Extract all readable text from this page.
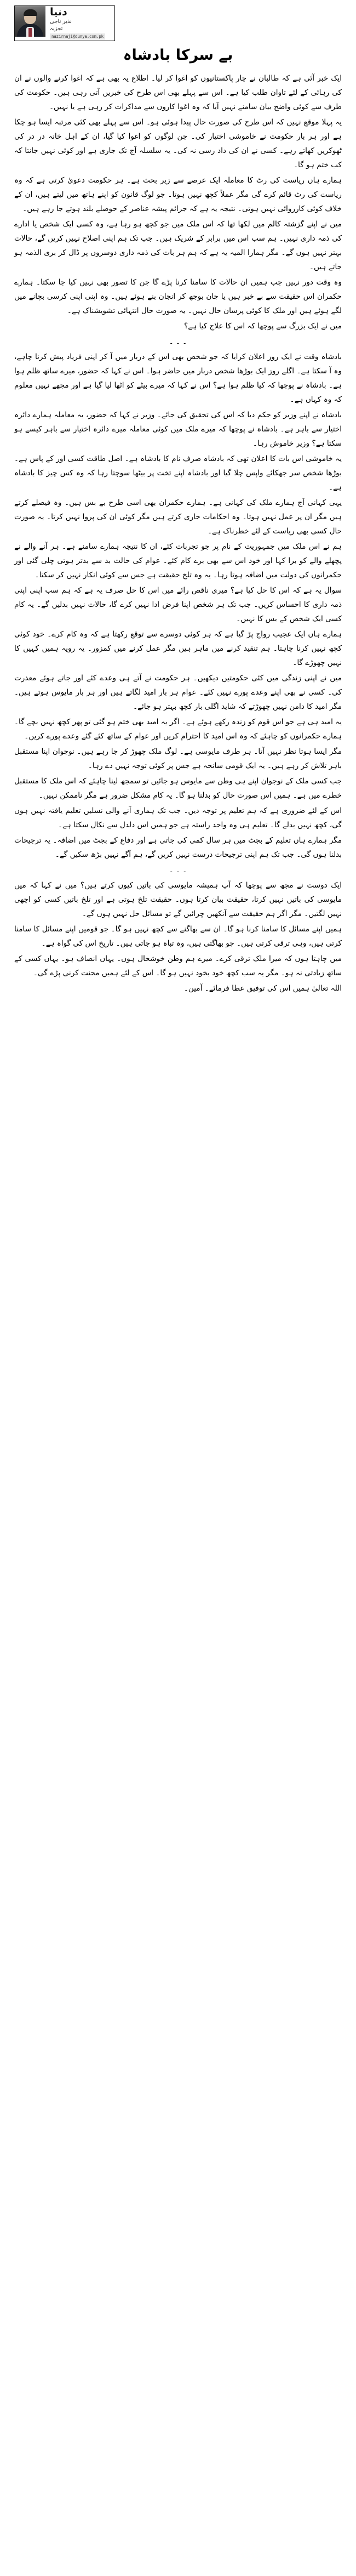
دنیا
نذیر ناجی
تجزیہ
nazirnaji@dunya.com.pk
بے سرکا بادشاہ

ایک خبر آئی ہے کہ طالبان نے چار پاکستانیوں کو اغوا کر لیا۔ اطلاع یہ بھی ہے کہ اغوا کرنے والوں نے ان کی رہائی کے لئے تاوان طلب کیا ہے۔ اس سے پہلے بھی اس طرح کی خبریں آتی رہی ہیں۔ حکومت کی طرف سے کوئی واضح بیان سامنے نہیں آیا کہ وہ اغوا کاروں سے مذاکرات کر رہی ہے یا نہیں۔

یہ پہلا موقع نہیں کہ اس طرح کی صورت حال پیدا ہوئی ہو۔ اس سے پہلے بھی کئی مرتبہ ایسا ہو چکا ہے اور ہر بار حکومت نے خاموشی اختیار کی۔ جن لوگوں کو اغوا کیا گیا، ان کے اہل خانہ در در کی ٹھوکریں کھاتے رہے۔ کسی نے ان کی داد رسی نہ کی۔ یہ سلسلہ آج تک جاری ہے اور کوئی نہیں جانتا کہ کب ختم ہو گا۔

ہمارے ہاں ریاست کی رٹ کا معاملہ ایک عرصے سے زیر بحث ہے۔ ہر حکومت دعویٰ کرتی ہے کہ وہ ریاست کی رٹ قائم کرے گی مگر عملاً کچھ نہیں ہوتا۔ جو لوگ قانون کو اپنے ہاتھ میں لیتے ہیں، ان کے خلاف کوئی کارروائی نہیں ہوتی۔ نتیجہ یہ ہے کہ جرائم پیشہ عناصر کے حوصلے بلند ہوتے جا رہے ہیں۔

میں نے اپنے گزشتہ کالم میں لکھا تھا کہ اس ملک میں جو کچھ ہو رہا ہے، وہ کسی ایک شخص یا ادارے کی ذمہ داری نہیں۔ ہم سب اس میں برابر کے شریک ہیں۔ جب تک ہم اپنی اصلاح نہیں کریں گے، حالات بہتر نہیں ہوں گے۔ مگر ہمارا المیہ یہ ہے کہ ہم ہر بات کی ذمہ داری دوسروں پر ڈال کر بری الذمہ ہو جاتے ہیں۔

وہ وقت دور نہیں جب ہمیں ان حالات کا سامنا کرنا پڑے گا جن کا تصور بھی نہیں کیا جا سکتا۔ ہمارے حکمران اس حقیقت سے بے خبر ہیں یا جان بوجھ کر انجان بنے ہوئے ہیں۔ وہ اپنی اپنی کرسی بچانے میں لگے ہوئے ہیں اور ملک کا کوئی پرسان حال نہیں۔ یہ صورت حال انتہائی تشویشناک ہے۔

میں نے ایک بزرگ سے پوچھا کہ اس کا علاج کیا ہے؟

۔ ۔ ۔

بادشاہ وقت نے ایک روز اعلان کرایا کہ جو شخص بھی اس کے دربار میں آ کر اپنی فریاد پیش کرنا چاہے، وہ آ سکتا ہے۔ اگلے روز ایک بوڑھا شخص دربار میں حاضر ہوا۔ اس نے کہا کہ حضور، میرے ساتھ ظلم ہوا ہے۔ بادشاہ نے پوچھا کہ کیا ظلم ہوا ہے؟ اس نے کہا کہ میرے بیٹے کو اٹھا لیا گیا ہے اور مجھے نہیں معلوم کہ وہ کہاں ہے۔

بادشاہ نے اپنے وزیر کو حکم دیا کہ اس کی تحقیق کی جائے۔ وزیر نے کہا کہ حضور، یہ معاملہ ہمارے دائرہ اختیار سے باہر ہے۔ بادشاہ نے پوچھا کہ میرے ملک میں کوئی معاملہ میرے دائرہ اختیار سے باہر کیسے ہو سکتا ہے؟ وزیر خاموش رہا۔

یہ خاموشی اس بات کا اعلان تھی کہ بادشاہ صرف نام کا بادشاہ ہے۔ اصل طاقت کسی اور کے پاس ہے۔ بوڑھا شخص سر جھکائے واپس چلا گیا اور بادشاہ اپنے تخت پر بیٹھا سوچتا رہا کہ وہ کس چیز کا بادشاہ ہے۔

یہی کہانی آج ہمارے ملک کی کہانی ہے۔ ہمارے حکمران بھی اسی طرح بے بس ہیں۔ وہ فیصلے کرتے ہیں مگر ان پر عمل نہیں ہوتا۔ وہ احکامات جاری کرتے ہیں مگر کوئی ان کی پروا نہیں کرتا۔ یہ صورت حال کسی بھی ریاست کے لئے خطرناک ہے۔

ہم نے اس ملک میں جمہوریت کے نام پر جو تجربات کئے، ان کا نتیجہ ہمارے سامنے ہے۔ ہر آنے والے نے پچھلے والے کو برا کہا اور خود اس سے بھی برے کام کئے۔ عوام کی حالت بد سے بدتر ہوتی چلی گئی اور حکمرانوں کی دولت میں اضافہ ہوتا رہا۔ یہ وہ تلخ حقیقت ہے جس سے کوئی انکار نہیں کر سکتا۔

سوال یہ ہے کہ اس کا حل کیا ہے؟ میری ناقص رائے میں اس کا حل صرف یہ ہے کہ ہم سب اپنی اپنی ذمہ داری کا احساس کریں۔ جب تک ہر شخص اپنا فرض ادا نہیں کرے گا، حالات نہیں بدلیں گے۔ یہ کام کسی ایک شخص کے بس کا نہیں۔

ہمارے ہاں ایک عجیب رواج پڑ گیا ہے کہ ہر کوئی دوسرے سے توقع رکھتا ہے کہ وہ کام کرے۔ خود کوئی کچھ نہیں کرنا چاہتا۔ ہم تنقید کرنے میں ماہر ہیں مگر عمل کرنے میں کمزور۔ یہ رویہ ہمیں کہیں کا نہیں چھوڑے گا۔

میں نے اپنی زندگی میں کئی حکومتیں دیکھیں۔ ہر حکومت نے آتے ہی وعدے کئے اور جاتے ہوئے معذرت کی۔ کسی نے بھی اپنے وعدے پورے نہیں کئے۔ عوام ہر بار امید لگاتے ہیں اور ہر بار مایوس ہوتے ہیں۔ مگر امید کا دامن نہیں چھوڑتے کہ شاید اگلی بار کچھ بہتر ہو جائے۔

یہ امید ہی ہے جو اس قوم کو زندہ رکھے ہوئے ہے۔ اگر یہ امید بھی ختم ہو گئی تو پھر کچھ نہیں بچے گا۔ ہمارے حکمرانوں کو چاہئے کہ وہ اس امید کا احترام کریں اور عوام کے ساتھ کئے گئے وعدے پورے کریں۔

مگر ایسا ہوتا نظر نہیں آتا۔ ہر طرف مایوسی ہے۔ لوگ ملک چھوڑ کر جا رہے ہیں۔ نوجوان اپنا مستقبل باہر تلاش کر رہے ہیں۔ یہ ایک قومی سانحہ ہے جس پر کوئی توجہ نہیں دے رہا۔

جب کسی ملک کے نوجوان اپنے ہی وطن سے مایوس ہو جائیں تو سمجھ لینا چاہئے کہ اس ملک کا مستقبل خطرے میں ہے۔ ہمیں اس صورت حال کو بدلنا ہو گا۔ یہ کام مشکل ضرور ہے مگر ناممکن نہیں۔

اس کے لئے ضروری ہے کہ ہم تعلیم پر توجہ دیں۔ جب تک ہماری آنے والی نسلیں تعلیم یافتہ نہیں ہوں گی، کچھ نہیں بدلے گا۔ تعلیم ہی وہ واحد راستہ ہے جو ہمیں اس دلدل سے نکال سکتا ہے۔

مگر ہمارے ہاں تعلیم کے بجٹ میں ہر سال کمی کی جاتی ہے اور دفاع کے بجٹ میں اضافہ۔ یہ ترجیحات بدلنا ہوں گی۔ جب تک ہم اپنی ترجیحات درست نہیں کریں گے، ہم آگے نہیں بڑھ سکیں گے۔

۔ ۔ ۔

ایک دوست نے مجھ سے پوچھا کہ آپ ہمیشہ مایوسی کی باتیں کیوں کرتے ہیں؟ میں نے کہا کہ میں مایوسی کی باتیں نہیں کرتا، حقیقت بیان کرتا ہوں۔ حقیقت تلخ ہوتی ہے اور تلخ باتیں کسی کو اچھی نہیں لگتیں۔ مگر اگر ہم حقیقت سے آنکھیں چرائیں گے تو مسائل حل نہیں ہوں گے۔

ہمیں اپنے مسائل کا سامنا کرنا ہو گا۔ ان سے بھاگنے سے کچھ نہیں ہو گا۔ جو قومیں اپنے مسائل کا سامنا کرتی ہیں، وہی ترقی کرتی ہیں۔ جو بھاگتی ہیں، وہ تباہ ہو جاتی ہیں۔ تاریخ اس کی گواہ ہے۔

میں چاہتا ہوں کہ میرا ملک ترقی کرے۔ میرے ہم وطن خوشحال ہوں۔ یہاں انصاف ہو۔ یہاں کسی کے ساتھ زیادتی نہ ہو۔ مگر یہ سب کچھ خود بخود نہیں ہو گا۔ اس کے لئے ہمیں محنت کرنی پڑے گی۔

اللہ تعالیٰ ہمیں اس کی توفیق عطا فرمائے۔ آمین۔
